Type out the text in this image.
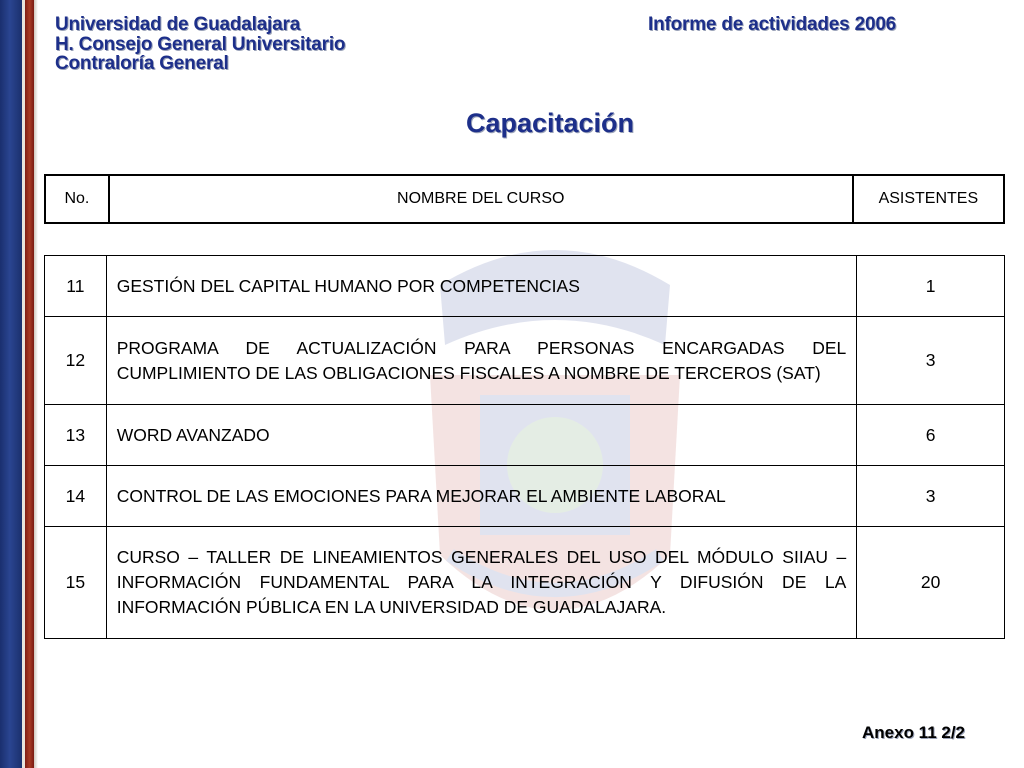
Universidad de Guadalajara
H. Consejo General Universitario
Contraloría General
Informe de actividades 2006
Capacitación
No.	NOMBRE DEL CURSO	ASISTENTES
11	GESTIÓN DEL CAPITAL HUMANO POR COMPETENCIAS	1
12	PROGRAMA DE ACTUALIZACIÓN PARA PERSONAS ENCARGADAS DEL CUMPLIMIENTO DE LAS OBLIGACIONES FISCALES A NOMBRE DE TERCEROS (SAT)	3
13	WORD AVANZADO	6
14	CONTROL DE LAS EMOCIONES PARA MEJORAR EL AMBIENTE LABORAL	3
15	CURSO – TALLER DE LINEAMIENTOS GENERALES DEL USO DEL MÓDULO SIIAU – INFORMACIÓN FUNDAMENTAL PARA LA INTEGRACIÓN Y DIFUSIÓN DE LA INFORMACIÓN PÚBLICA EN LA UNIVERSIDAD DE GUADALAJARA.	20
Anexo 11 2/2
